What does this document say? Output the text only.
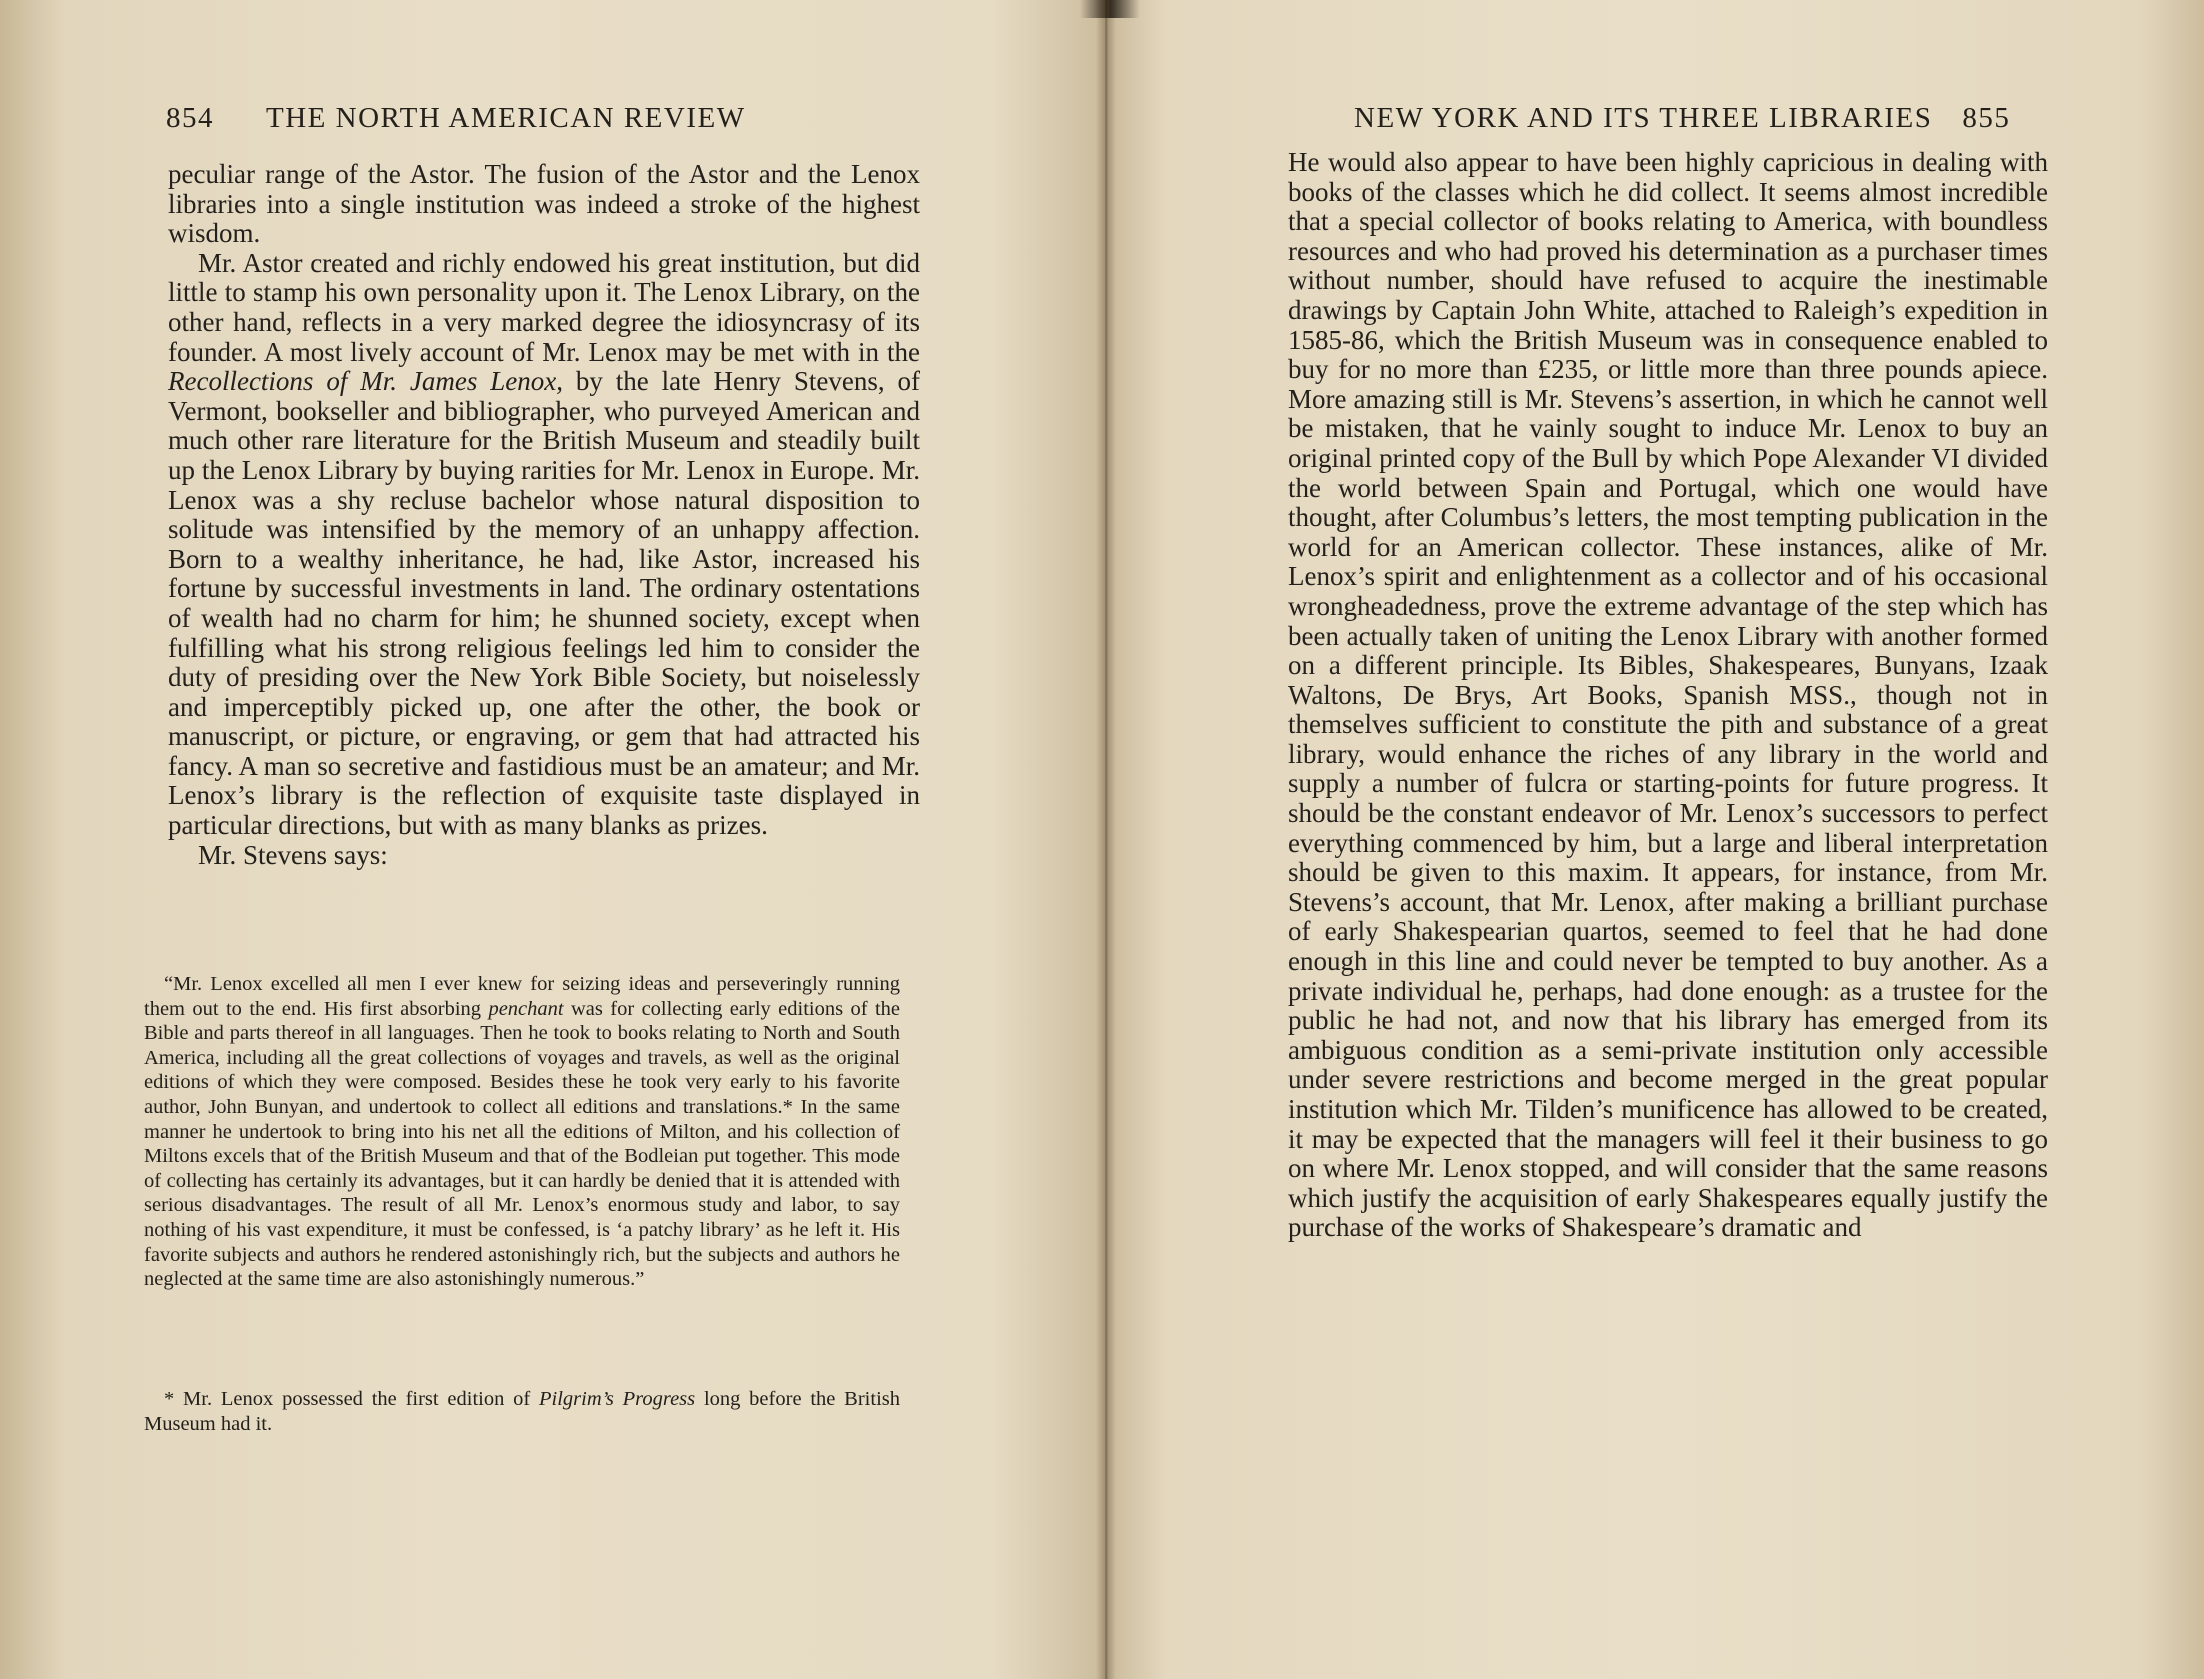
854 THE NORTH AMERICAN REVIEW

peculiar range of the Astor. The fusion of the Astor and the Lenox libraries into a single institution was indeed a stroke of the highest wisdom.

Mr. Astor created and richly endowed his great institution, but did little to stamp his own personality upon it. The Lenox Library, on the other hand, reflects in a very marked degree the idiosyncrasy of its founder. A most lively account of Mr. Lenox may be met with in the Recollections of Mr. James Lenox, by the late Henry Stevens, of Vermont, bookseller and bibliographer, who purveyed American and much other rare literature for the British Museum and steadily built up the Lenox Library by buying rarities for Mr. Lenox in Europe. Mr. Lenox was a shy recluse bachelor whose natural disposition to solitude was intensified by the memory of an unhappy affection. Born to a wealthy inheritance, he had, like Astor, increased his fortune by successful investments in land. The ordinary ostentations of wealth had no charm for him; he shunned society, except when fulfilling what his strong religious feelings led him to consider the duty of presiding over the New York Bible Society, but noiselessly and imperceptibly picked up, one after the other, the book or manuscript, or picture, or engraving, or gem that had attracted his fancy. A man so secretive and fastidious must be an amateur; and Mr. Lenox’s library is the reflection of exquisite taste displayed in particular directions, but with as many blanks as prizes.

Mr. Stevens says:

“Mr. Lenox excelled all men I ever knew for seizing ideas and perseveringly running them out to the end. His first absorbing penchant was for collecting early editions of the Bible and parts thereof in all languages. Then he took to books relating to North and South America, including all the great collections of voyages and travels, as well as the original editions of which they were composed. Besides these he took very early to his favorite author, John Bunyan, and undertook to collect all editions and translations.* In the same manner he undertook to bring into his net all the editions of Milton, and his collection of Miltons excels that of the British Museum and that of the Bodleian put together. This mode of collecting has certainly its advantages, but it can hardly be denied that it is attended with serious disadvantages. The result of all Mr. Lenox’s enormous study and labor, to say nothing of his vast expenditure, it must be confessed, is ‘a patchy library’ as he left it. His favorite subjects and authors he rendered astonishingly rich, but the subjects and authors he neglected at the same time are also astonishingly numerous.”

* Mr. Lenox possessed the first edition of Pilgrim’s Progress long before the British Museum had it.

NEW YORK AND ITS THREE LIBRARIES 855

He would also appear to have been highly capricious in dealing with books of the classes which he did collect. It seems almost incredible that a special collector of books relating to America, with boundless resources and who had proved his determination as a purchaser times without number, should have refused to acquire the inestimable drawings by Captain John White, attached to Raleigh’s expedition in 1585-86, which the British Museum was in consequence enabled to buy for no more than £235, or little more than three pounds apiece. More amazing still is Mr. Stevens’s assertion, in which he cannot well be mistaken, that he vainly sought to induce Mr. Lenox to buy an original printed copy of the Bull by which Pope Alexander VI divided the world between Spain and Portugal, which one would have thought, after Columbus’s letters, the most tempting publication in the world for an American collector. These instances, alike of Mr. Lenox’s spirit and enlightenment as a collector and of his occasional wrongheadedness, prove the extreme advantage of the step which has been actually taken of uniting the Lenox Library with another formed on a different principle. Its Bibles, Shakespeares, Bunyans, Izaak Waltons, De Brys, Art Books, Spanish MSS., though not in themselves sufficient to constitute the pith and substance of a great library, would enhance the riches of any library in the world and supply a number of fulcra or starting-points for future progress. It should be the constant endeavor of Mr. Lenox’s successors to perfect everything commenced by him, but a large and liberal interpretation should be given to this maxim. It appears, for instance, from Mr. Stevens’s account, that Mr. Lenox, after making a brilliant purchase of early Shakespearian quartos, seemed to feel that he had done enough in this line and could never be tempted to buy another. As a private individual he, perhaps, had done enough: as a trustee for the public he had not, and now that his library has emerged from its ambiguous condition as a semi-private institution only accessible under severe restrictions and become merged in the great popular institution which Mr. Tilden’s munificence has allowed to be created, it may be expected that the managers will feel it their business to go on where Mr. Lenox stopped, and will consider that the same reasons which justify the acquisition of early Shakespeares equally justify the purchase of the works of Shakespeare’s dramatic and
